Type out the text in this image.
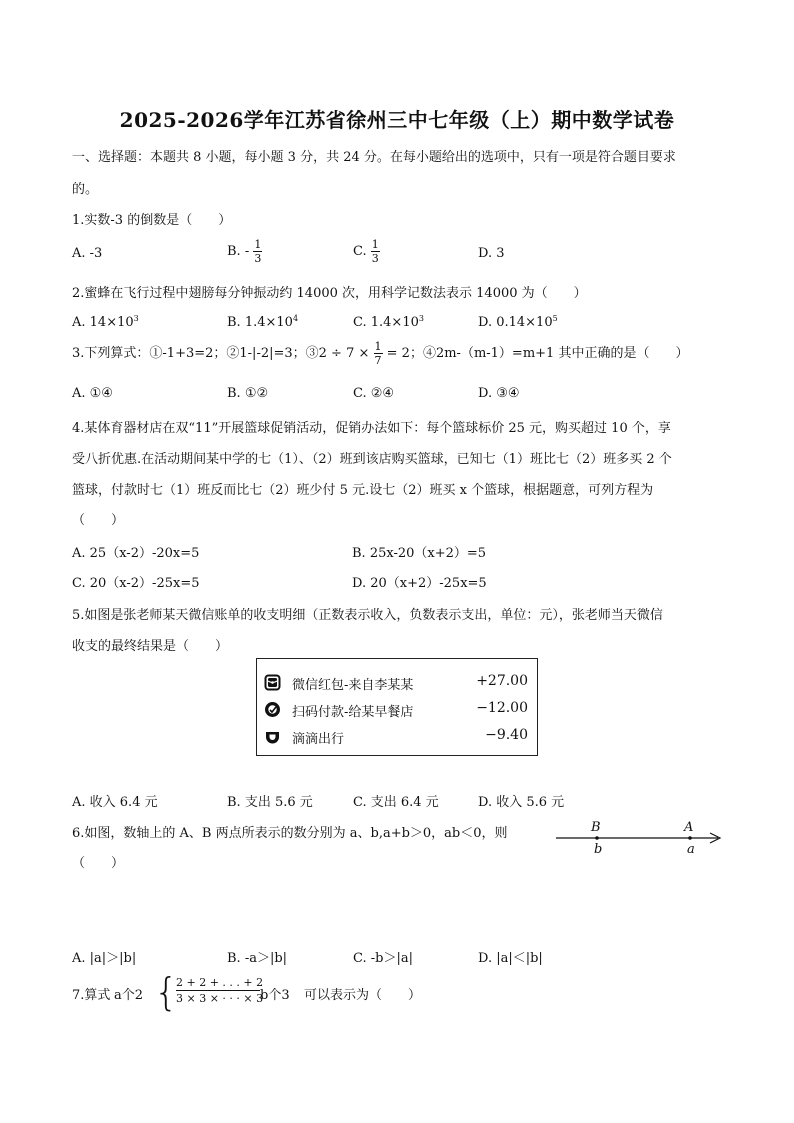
2025-2026学年江苏省徐州三中七年级（上）期中数学试卷
一、选择题：本题共 8 小题，每小题 3 分，共 24 分。在每小题给出的选项中，只有一项是符合题目要求
的。
1.实数-3 的倒数是（　　）
A. -3	B. - $\frac{1}{3}$	C. $\frac{1}{3}$	D. 3
2.蜜蜂在飞行过程中翅膀每分钟振动约 14000 次，用科学记数法表示 14000 为（　　）
A. $14\times 10^3$	B. $1.4\times 10^4$	C. $1.4\times 10^3$	D. $0.14\times 10^5$
3.下列算式：①-1+3=2；②1-|-2|=3；③2 ÷ $7 \times \frac{1}{7} = 2$；④2m-（m-1）=m+1 其中正确的是（　　）
A. ①④	B. ①②	C. ②④	D. ③④
4.某体育器材店在双“11”开展篮球促销活动，促销办法如下：每个篮球标价 25 元，购买超过 10 个，享
受八折优惠.在活动期间某中学的七（1）、（2）班到该店购买篮球，已知七（1）班比七（2）班多买 2 个
篮球，付款时七（1）班反而比七（2）班少付 5 元.设七（2）班买 x 个篮球，根据题意，可列方程为
（　　）
A. 25（x-2）-20x=5	B. 25x-20（x+2）=5
C. 20（x-2）-25x=5	D. 20（x+2）-25x=5
5.如图是张老师某天微信账单的收支明细（正数表示收入，负数表示支出，单位：元），张老师当天微信
收支的最终结果是（　　）
微信红包-来自李某某	+27.00
扫码付款-给某早餐店	−12.00
滴滴出行	−9.40
A. 收入 6.4 元	B. 支出 5.6 元	C. 支出 6.4 元	D. 收入 5.6 元
6.如图，数轴上的 A、B 两点所表示的数分别为 a、b,a+b＞0，ab＜0，则
（　　）
B	A
b	a
A. |a|＞|b|	B. -a＞|b|	C. -b＞|a|	D. |a|＜|b|
7.算式 a个2 {
$\frac{2 + 2 + . . . + 2}{3 \times 3 \times \cdot \cdot \cdot \times 3}$ b个3 可以表示为（　　）
